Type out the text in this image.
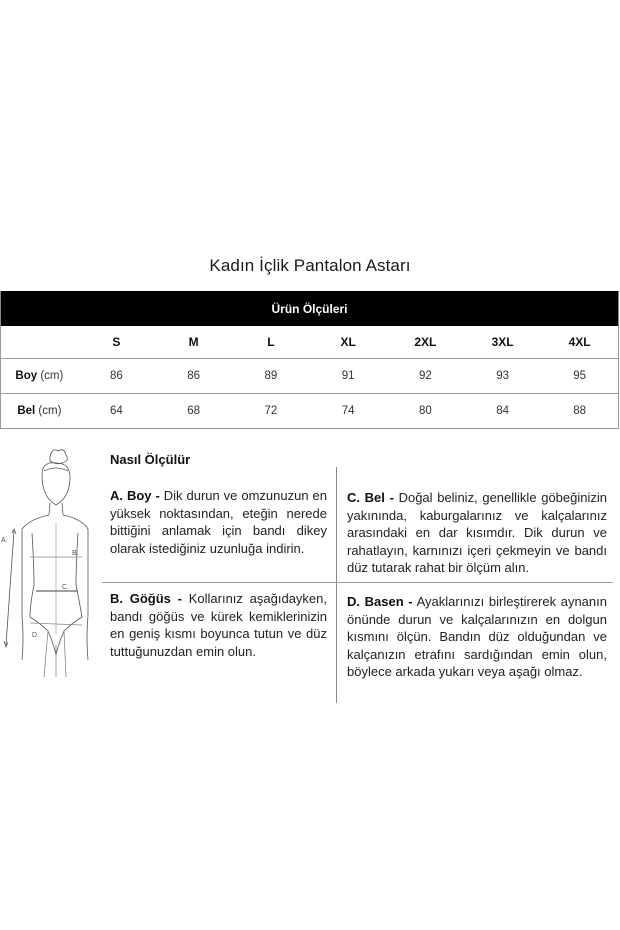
Kadın İçlik Pantalon Astarı
Ürün Ölçüleri							
	S	M	L	XL	2XL	3XL	4XL
Boy (cm)	86	86	89	91	92	93	95
Bel (cm)	64	68	72	74	80	84	88
A.
B.
C.
D.
Nasıl Ölçülür
A. Boy - Dik durun ve omzunuzun en yüksek noktasından, eteğin nerede bittiğini anlamak için bandı dikey olarak istediğiniz uzunluğa indirin.
B. Göğüs - Kollarınız aşağıdayken, bandı göğüs ve kürek kemiklerinizin en geniş kısmı boyunca tutun ve düz tuttuğunuzdan emin olun.
C. Bel - Doğal beliniz, genellikle göbeğinizin yakınında, kaburgalarınız ve kalçalarınız arasındaki en dar kısımdır. Dik durun ve rahatlayın, karnınızı içeri çekmeyin ve bandı düz tutarak rahat bir ölçüm alın.
D. Basen - Ayaklarınızı birleştirerek aynanın önünde durun ve kalçalarınızın en dolgun kısmını ölçün. Bandın düz olduğundan ve kalçanızın etrafını sardığından emin olun, böylece arkada yukarı veya aşağı olmaz.
